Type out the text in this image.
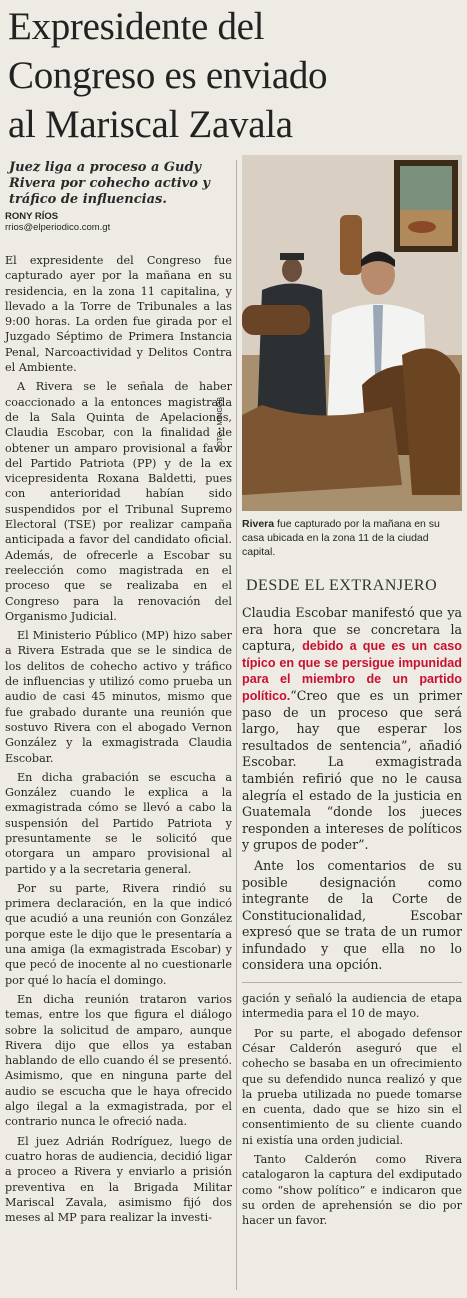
Expresidente del
Congreso es enviado
al Mariscal Zavala
Juez liga a proceso a Gudy Rivera por cohecho activo y tráfico de influencias.
RONY RÍOS
rrios@elperiodico.com.gt

El expresidente del Congreso fue capturado ayer por la mañana en su residencia, en la zona 11 capitalina, y llevado a la Torre de Tribunales a las 9:00 horas. La orden fue girada por el Juzgado Séptimo de Primera Instancia Penal, Narcoactividad y Delitos Contra el Ambiente.

A Rivera se le señala de haber coaccionado a la entonces magistrada de la Sala Quinta de Apelaciones, Claudia Escobar, con la finalidad de obtener un amparo provisional a favor del Partido Patriota (PP) y de la ex vicepresidenta Roxana Baldetti, pues con anterioridad habían sido suspendidos por el Tribunal Supremo Electoral (TSE) por realizar campaña anticipada a favor del candidato oficial. Además, de ofrecerle a Escobar su reelección como magistrada en el proceso que se realizaba en el Congreso para la renovación del Organismo Judicial.

El Ministerio Público (MP) hizo saber a Rivera Estrada que se le sindica de los delitos de cohecho activo y tráfico de influencias y utilizó como prueba un audio de casi 45 minutos, mismo que fue grabado durante una reunión que sostuvo Rivera con el abogado Vernon González y la exmagistrada Claudia Escobar.

En dicha grabación se escucha a González cuando le explica a la exmagistrada cómo se llevó a cabo la suspensión del Partido Patriota y presuntamente se le solicitó que otorgara un amparo provisional al partido y a la secretaria general.

Por su parte, Rivera rindió su primera declaración, en la que indicó que acudió a una reunión con González porque este le dijo que le presentaría a una amiga (la exmagistrada Escobar) y que pecó de inocente al no cuestionarle por qué lo hacía el domingo.

En dicha reunión trataron varios temas, entre los que figura el diálogo sobre la solicitud de amparo, aunque Rivera dijo que ellos ya estaban hablando de ello cuando él se presentó. Asimismo, que en ninguna parte del audio se escucha que le haya ofrecido algo ilegal a la exmagistrada, por el contrario nunca le ofreció nada.

El juez Adrián Rodríguez, luego de cuatro horas de audiencia, decidió ligar a proceo a Rivera y enviarlo a prisión preventiva en la Brigada Militar Mariscal Zavala, asimismo fijó dos meses al MP para realizar la investi-

FOTO • MINGOB
Rivera fue capturado por la mañana en su casa ubicada en la zona 11 de la ciudad capital.
DESDE EL EXTRANJERO

Claudia Escobar manifestó que ya era hora que se concretara la captura, debido a que es un caso típico en que se persigue impunidad para el miembro de un partido político.“Creo que es un primer paso de un proceso que será largo, hay que esperar los resultados de sentencia”, añadió Escobar. La exmagistrada también refirió que no le causa alegría el estado de la justicia en Guatemala “donde los jueces responden a intereses de políticos y grupos de poder”.

Ante los comentarios de su posible designación como integrante de la Corte de Constitucionalidad, Escobar expresó que se trata de un rumor infundado y que ella no lo considera una opción.

gación y señaló la audiencia de etapa intermedia para el 10 de mayo.

Por su parte, el abogado defensor César Calderón aseguró que el cohecho se basaba en un ofrecimiento que su defendido nunca realizó y que la prueba utilizada no puede tomarse en cuenta, dado que se hizo sin el consentimiento de su cliente cuando ni existía una orden judicial.

Tanto Calderón como Rivera catalogaron la captura del exdiputado como “show político” e indicaron que su orden de aprehensión se dio por hacer un favor.
